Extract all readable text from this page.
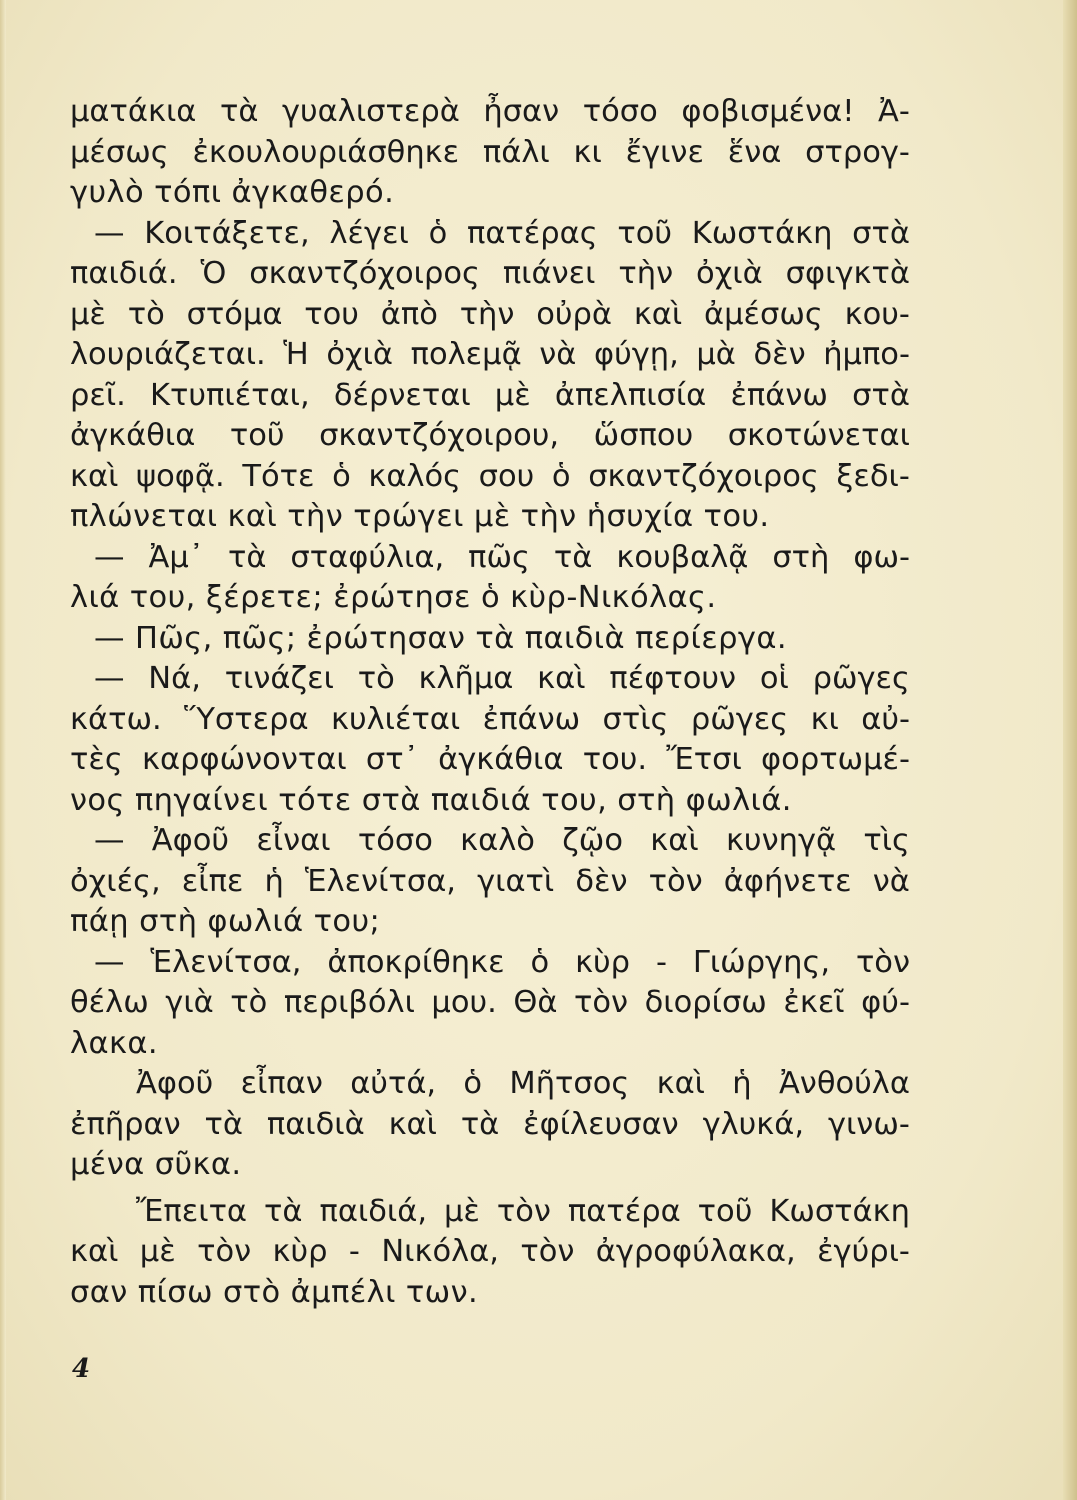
ματάκια τὰ γυαλιστερὰ ἦσαν τόσο φοβισμένα! Ἀ-
μέσως ἐκουλουριάσθηκε πάλι κι ἔγινε ἕνα στρογ-
γυλὸ τόπι ἀγκαθερό.
— Κοιτάξετε, λέγει ὁ πατέρας τοῦ Κωστάκη στὰ
παιδιά. Ὁ σκαντζόχοιρος πιάνει τὴν ὀχιὰ σφιγκτὰ
μὲ τὸ στόμα του ἀπὸ τὴν οὐρὰ καὶ ἀμέσως κου-
λουριάζεται. Ἡ ὀχιὰ πολεμᾷ νὰ φύγῃ, μὰ δὲν ἠμπο-
ρεῖ. Κτυπιέται, δέρνεται μὲ ἀπελπισία ἐπάνω στὰ
ἀγκάθια τοῦ σκαντζόχοιρου, ὥσπου σκοτώνεται
καὶ ψοφᾷ. Τότε ὁ καλός σου ὁ σκαντζόχοιρος ξεδι-
πλώνεται καὶ τὴν τρώγει μὲ τὴν ἡσυχία του.
— Ἀμ᾿ τὰ σταφύλια, πῶς τὰ κουβαλᾷ στὴ φω-
λιά του, ξέρετε; ἐρώτησε ὁ κὺρ-Νικόλας.
— Πῶς, πῶς; ἐρώτησαν τὰ παιδιὰ περίεργα.
— Νά, τινάζει τὸ κλῆμα καὶ πέφτουν οἱ ρῶγες
κάτω. Ὕστερα κυλιέται ἐπάνω στὶς ρῶγες κι αὐ-
τὲς καρφώνονται στ᾿ ἀγκάθια του. Ἔτσι φορτωμέ-
νος πηγαίνει τότε στὰ παιδιά του, στὴ φωλιά.
— Ἀφοῦ εἶναι τόσο καλὸ ζῷο καὶ κυνηγᾷ τὶς
ὀχιές, εἶπε ἡ Ἑλενίτσα, γιατὶ δὲν τὸν ἀφήνετε νὰ
πάῃ στὴ φωλιά του;
— Ἑλενίτσα, ἀποκρίθηκε ὁ κὺρ - Γιώργης, τὸν
θέλω γιὰ τὸ περιβόλι μου. Θὰ τὸν διορίσω ἐκεῖ φύ-
λακα.
Ἀφοῦ εἶπαν αὐτά, ὁ Μῆτσος καὶ ἡ Ἀνθούλα
ἐπῆραν τὰ παιδιὰ καὶ τὰ ἐφίλευσαν γλυκά, γινω-
μένα σῦκα.
Ἔπειτα τὰ παιδιά, μὲ τὸν πατέρα τοῦ Κωστάκη
καὶ μὲ τὸν κὺρ - Νικόλα, τὸν ἀγροφύλακα, ἐγύρι-
σαν πίσω στὸ ἀμπέλι των.
4
